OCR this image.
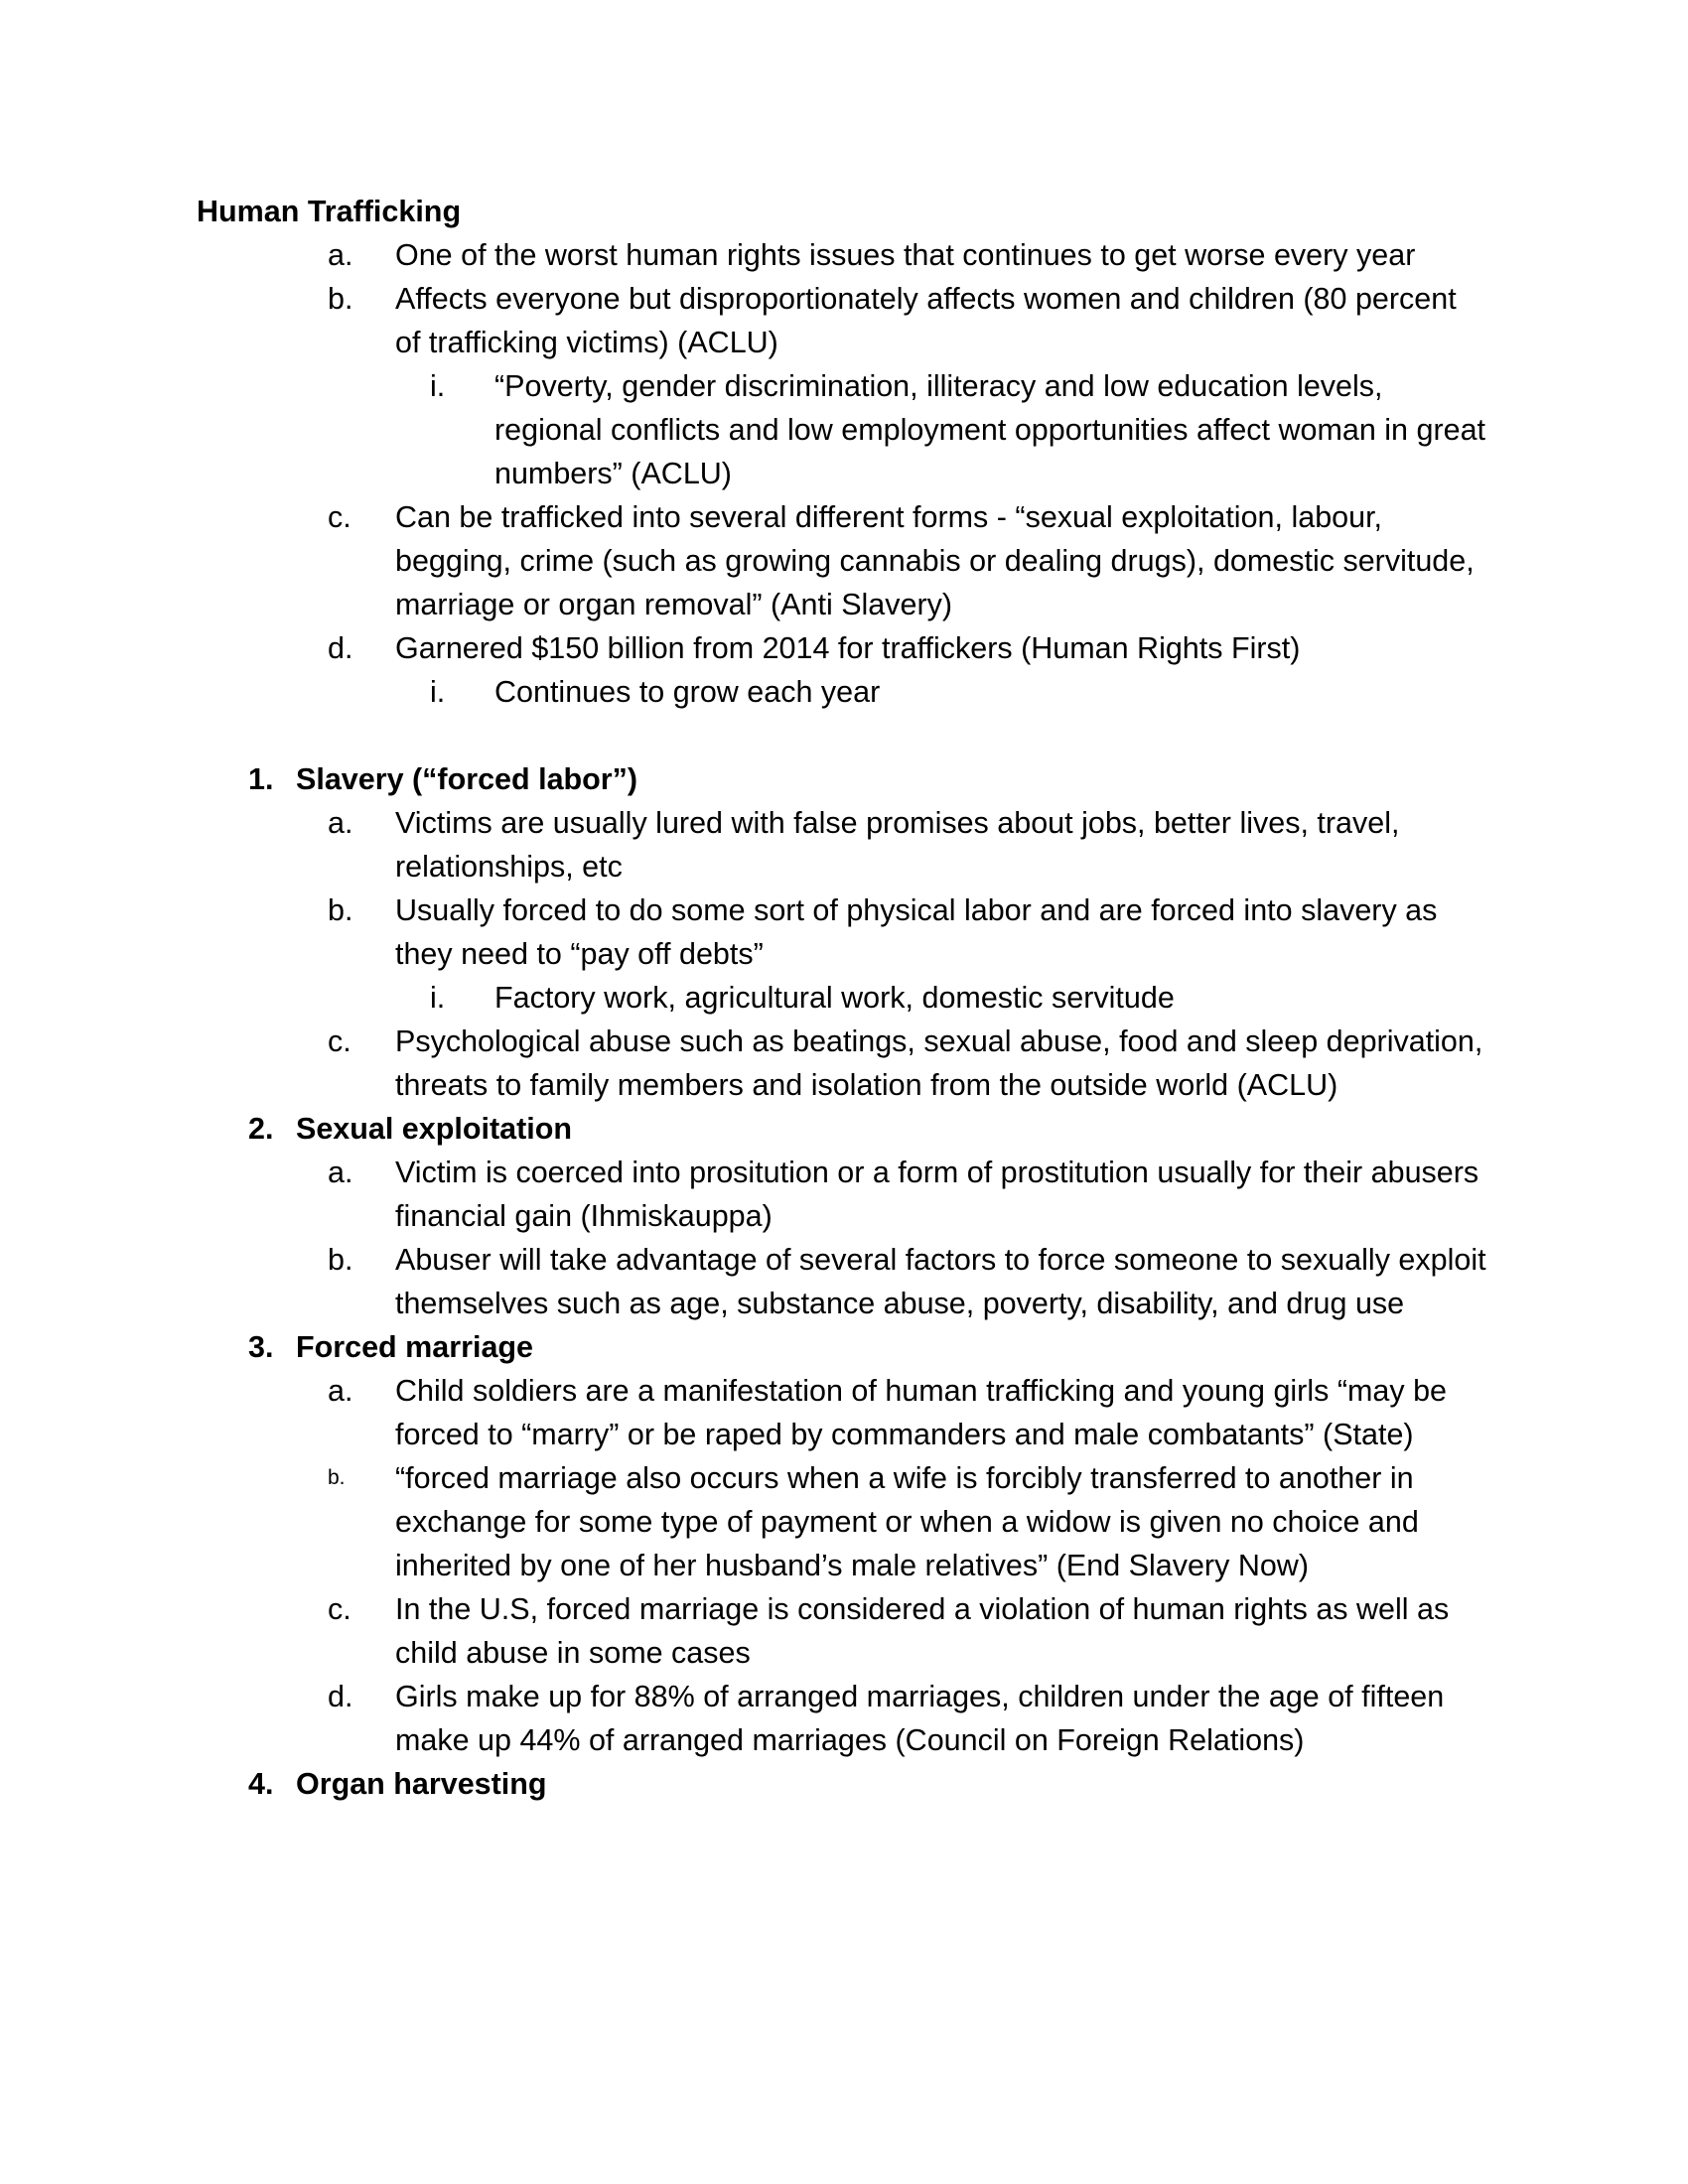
Human Trafficking
a.	One of the worst human rights issues that continues to get worse every year
b.	Affects everyone but disproportionately affects women and children (80 percent of trafficking victims) (ACLU)
i.	“Poverty, gender discrimination, illiteracy and low education levels, regional conflicts and low employment opportunities affect woman in great numbers” (ACLU)
c.	Can be trafficked into several different forms - “sexual exploitation, labour, begging, crime (such as growing cannabis or dealing drugs), domestic servitude, marriage or organ removal” (Anti Slavery)
d.	Garnered $150 billion from 2014 for traffickers (Human Rights First)
i.	Continues to grow each year
1. Slavery (“forced labor”)
a.	Victims are usually lured with false promises about jobs, better lives, travel, relationships, etc
b.	Usually forced to do some sort of physical labor and are forced into slavery as they need to “pay off debts”
i.	Factory work, agricultural work, domestic servitude
c.	Psychological abuse such as beatings, sexual abuse, food and sleep deprivation, threats to family members and isolation from the outside world (ACLU)
2. Sexual exploitation
a.	Victim is coerced into prositution or a form of prostitution usually for their abusers financial gain (Ihmiskauppa)
b.	Abuser will take advantage of several factors to force someone to sexually exploit themselves such as age, substance abuse, poverty, disability, and drug use
3. Forced marriage
a.	Child soldiers are a manifestation of human trafficking and young girls “may be forced to “marry” or be raped by commanders and male combatants” (State)
b.	“forced marriage also occurs when a wife is forcibly transferred to another in exchange for some type of payment or when a widow is given no choice and inherited by one of her husband’s male relatives” (End Slavery Now)
c.	In the U.S, forced marriage is considered a violation of human rights as well as child abuse in some cases
d.	Girls make up for 88% of arranged marriages, children under the age of fifteen make up 44% of arranged marriages (Council on Foreign Relations)
4. Organ harvesting
